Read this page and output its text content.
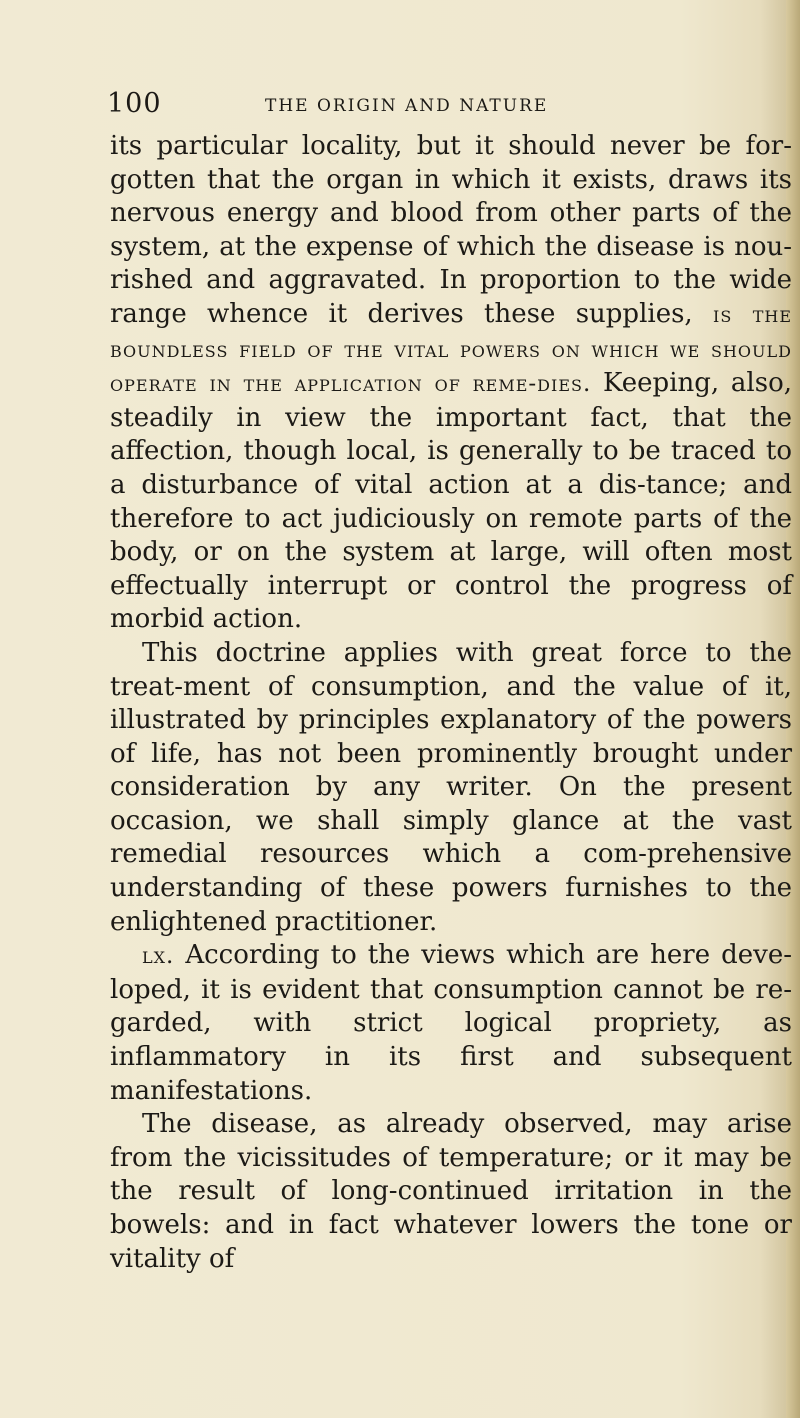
100	THE ORIGIN AND NATURE

its particular locality, but it should never be for-gotten that the organ in which it exists, draws its nervous energy and blood from other parts of the system, at the expense of which the disease is nou-rished and aggravated. In proportion to the wide range whence it derives these supplies, is the boundless field of the vital powers on which we should operate in the application of reme-dies. Keeping, also, steadily in view the important fact, that the affection, though local, is generally to be traced to a disturbance of vital action at a dis-tance; and therefore to act judiciously on remote parts of the body, or on the system at large, will often most effectually interrupt or control the progress of morbid action.

This doctrine applies with great force to the treat-ment of consumption, and the value of it, illustrated by principles explanatory of the powers of life, has not been prominently brought under consideration by any writer. On the present occasion, we shall simply glance at the vast remedial resources which a com-prehensive understanding of these powers furnishes to the enlightened practitioner.

lx. According to the views which are here deve-loped, it is evident that consumption cannot be re-garded, with strict logical propriety, as inflammatory in its first and subsequent manifestations.

The disease, as already observed, may arise from the vicissitudes of temperature; or it may be the result of long-continued irritation in the bowels: and in fact whatever lowers the tone or vitality of
